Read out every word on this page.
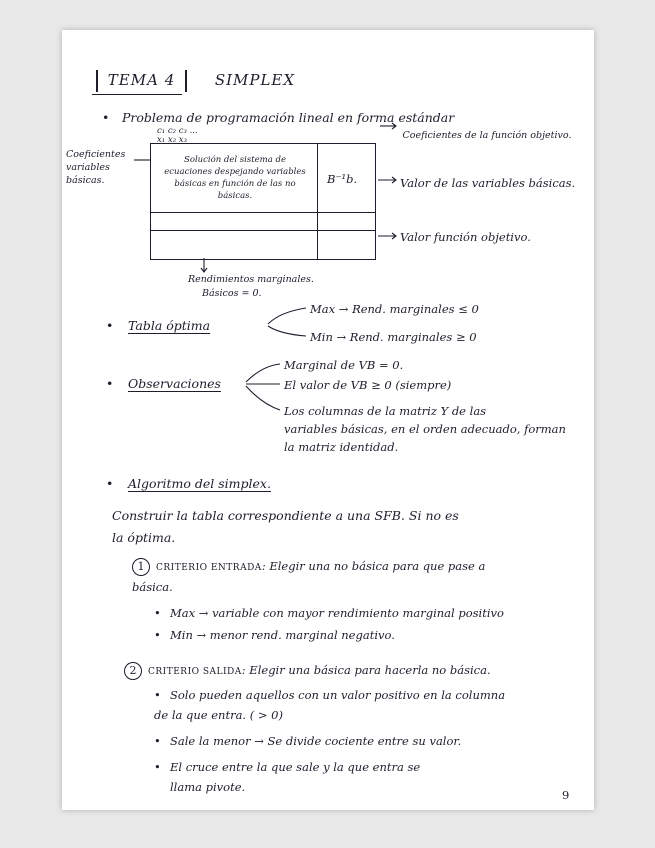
TEMA 4	SIMPLEX
• Problema de programación lineal en forma estándar
c₁ c₂ c₃ ...
x₁ x₂ x₃	Coeficientes de la función objetivo.
Coeficientes variables básicas.
Solución del sistema de ecuaciones despejando variables básicas en función de las no básicas.
B⁻¹b.	Valor de las variables básicas.
Valor función objetivo.
Rendimientos marginales.
Básicos = 0.
• Tabla óptima
Max → Rend. marginales ≤ 0
Min → Rend. marginales ≥ 0
• Observaciones
Marginal de VB = 0.
El valor de VB ≥ 0 (siempre)
Los columnas de la matriz Y de las
variables básicas, en el orden adecuado, forman
la matriz identidad.
• Algoritmo del simplex.
Construir la tabla correspondiente a una SFB. Si no es
la óptima.
1 CRITERIO ENTRADA: Elegir una no básica para que pase a
básica.
• Max → variable con mayor rendimiento marginal positivo
• Min → menor rend. marginal negativo.
2 CRITERIO SALIDA: Elegir una básica para hacerla no básica.
• Solo pueden aquellos con un valor positivo en la columna
de la que entra. ( > 0)
• Sale la menor → Se divide cociente entre su valor.
• El cruce entre la que sale y la que entra se
llama pivote.
9
